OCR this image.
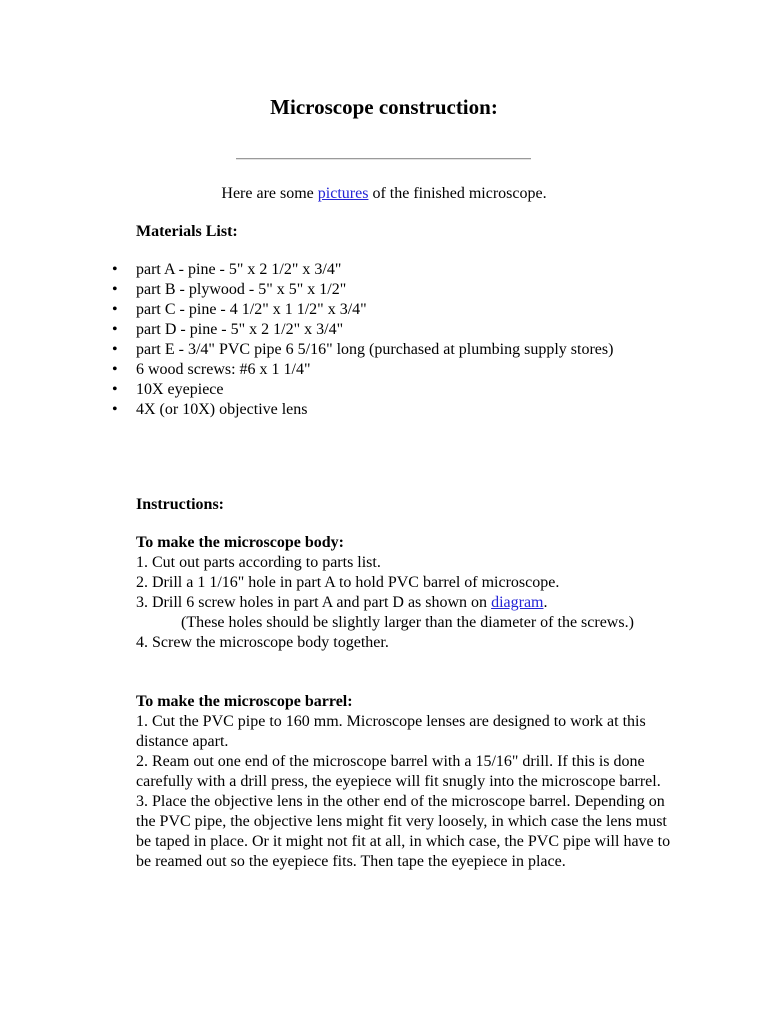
Microscope construction:
Here are some pictures of the finished microscope.
Materials List:
• part A - pine - 5" x 2 1/2" x 3/4"
• part B - plywood - 5" x 5" x 1/2"
• part C - pine - 4 1/2" x 1 1/2" x 3/4"
• part D - pine - 5" x 2 1/2" x 3/4"
• part E - 3/4" PVC pipe 6 5/16" long (purchased at plumbing supply stores)
• 6 wood screws: #6 x 1 1/4"
• 10X eyepiece
• 4X (or 10X) objective lens
Instructions:
To make the microscope body:
1. Cut out parts according to parts list.
2. Drill a 1 1/16" hole in part A to hold PVC barrel of microscope.
3. Drill 6 screw holes in part A and part D as shown on diagram.
(These holes should be slightly larger than the diameter of the screws.)
4. Screw the microscope body together.
To make the microscope barrel:
1. Cut the PVC pipe to 160 mm. Microscope lenses are designed to work at this distance apart.
2. Ream out one end of the microscope barrel with a 15/16" drill. If this is done carefully with a drill press, the eyepiece will fit snugly into the microscope barrel.
3. Place the objective lens in the other end of the microscope barrel. Depending on the PVC pipe, the objective lens might fit very loosely, in which case the lens must be taped in place. Or it might not fit at all, in which case, the PVC pipe will have to be reamed out so the eyepiece fits. Then tape the eyepiece in place.
